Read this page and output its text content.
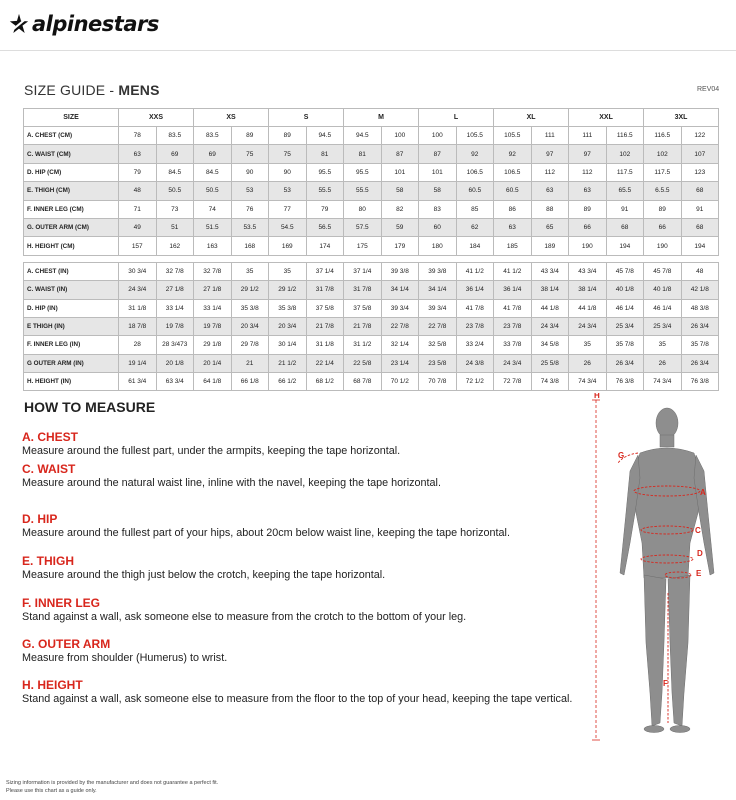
alpinestars
SIZE GUIDE - MENS	REV04
SIZE	XXS		XS		S		M		L		XL		XXL		3XL	
A. CHEST (CM)	78	83.5	83.5	89	89	94.5	94.5	100	100	105.5	105.5	111	111	116.5	116.5	122
C. WAIST (CM)	63	69	69	75	75	81	81	87	87	92	92	97	97	102	102	107
D. HIP (CM)	79	84.5	84.5	90	90	95.5	95.5	101	101	106.5	106.5	112	112	117.5	117.5	123
E. THIGH (CM)	48	50.5	50.5	53	53	55.5	55.5	58	58	60.5	60.5	63	63	65.5	6.5.5	68
F. INNER LEG (CM)	71	73	74	76	77	79	80	82	83	85	86	88	89	91	89	91
G. OUTER ARM (CM)	49	51	51.5	53.5	54.5	56.5	57.5	59	60	62	63	65	66	68	66	68
H. HEIGHT (CM)	157	162	163	168	169	174	175	179	180	184	185	189	190	194	190	194

A. CHEST (IN)	30 3/4	32 7/8	32 7/8	35	35	37 1/4	37 1/4	39 3/8	39 3/8	41 1/2	41 1/2	43 3/4	43 3/4	45 7/8	45 7/8	48
C. WAIST (IN)	24 3/4	27 1/8	27 1/8	29 1/2	29 1/2	31 7/8	31 7/8	34 1/4	34 1/4	36 1/4	36 1/4	38 1/4	38 1/4	40 1/8	40 1/8	42 1/8
D. HIP (IN)	31 1/8	33 1/4	33 1/4	35 3/8	35 3/8	37 5/8	37 5/8	39 3/4	39 3/4	41 7/8	41 7/8	44 1/8	44 1/8	46 1/4	46 1/4	48 3/8
E THIGH (IN)	18 7/8	19 7/8	19 7/8	20 3/4	20 3/4	21 7/8	21 7/8	22 7/8	22 7/8	23 7/8	23 7/8	24 3/4	24 3/4	25 3/4	25 3/4	26 3/4
F. INNER LEG (IN)	28	28 3/473	29 1/8	29 7/8	30 1/4	31 1/8	31 1/2	32 1/4	32 5/8	33 2/4	33 7/8	34 5/8	35	35 7/8	35	35 7/8
G OUTER ARM (IN)	19 1/4	20 1/8	20 1/4	21	21 1/2	22 1/4	22 5/8	23 1/4	23 5/8	24 3/8	24 3/4	25 5/8	26	26 3/4	26	26 3/4
H. HEIGHT (IN)	61 3/4	63 3/4	64 1/8	66 1/8	66 1/2	68 1/2	68 7/8	70 1/2	70 7/8	72 1/2	72 7/8	74 3/8	74 3/4	76 3/8	74 3/4	76 3/8
HOW TO MEASURE
A. CHEST
Measure around the fullest part, under the armpits, keeping the tape horizontal.
C. WAIST
Measure around the natural waist line, inline with the navel, keeping the tape horizontal.
D. HIP
Measure around the fullest part of your hips, about 20cm below waist line, keeping the tape horizontal.
E. THIGH
Measure around the thigh just below the crotch, keeping the tape horizontal.
F. INNER LEG
Stand against a wall, ask someone else to measure from the crotch to the bottom of your leg.
G. OUTER ARM
Measure from shoulder (Humerus) to wrist.
H. HEIGHT
Stand against a wall, ask someone else to measure from the floor to the top of your head, keeping the tape vertical.
H
G
A
C
D
E
F
Sizing information is provided by the manufacturer and does not guarantee a perfect fit.
Please use this chart as a guide only.
